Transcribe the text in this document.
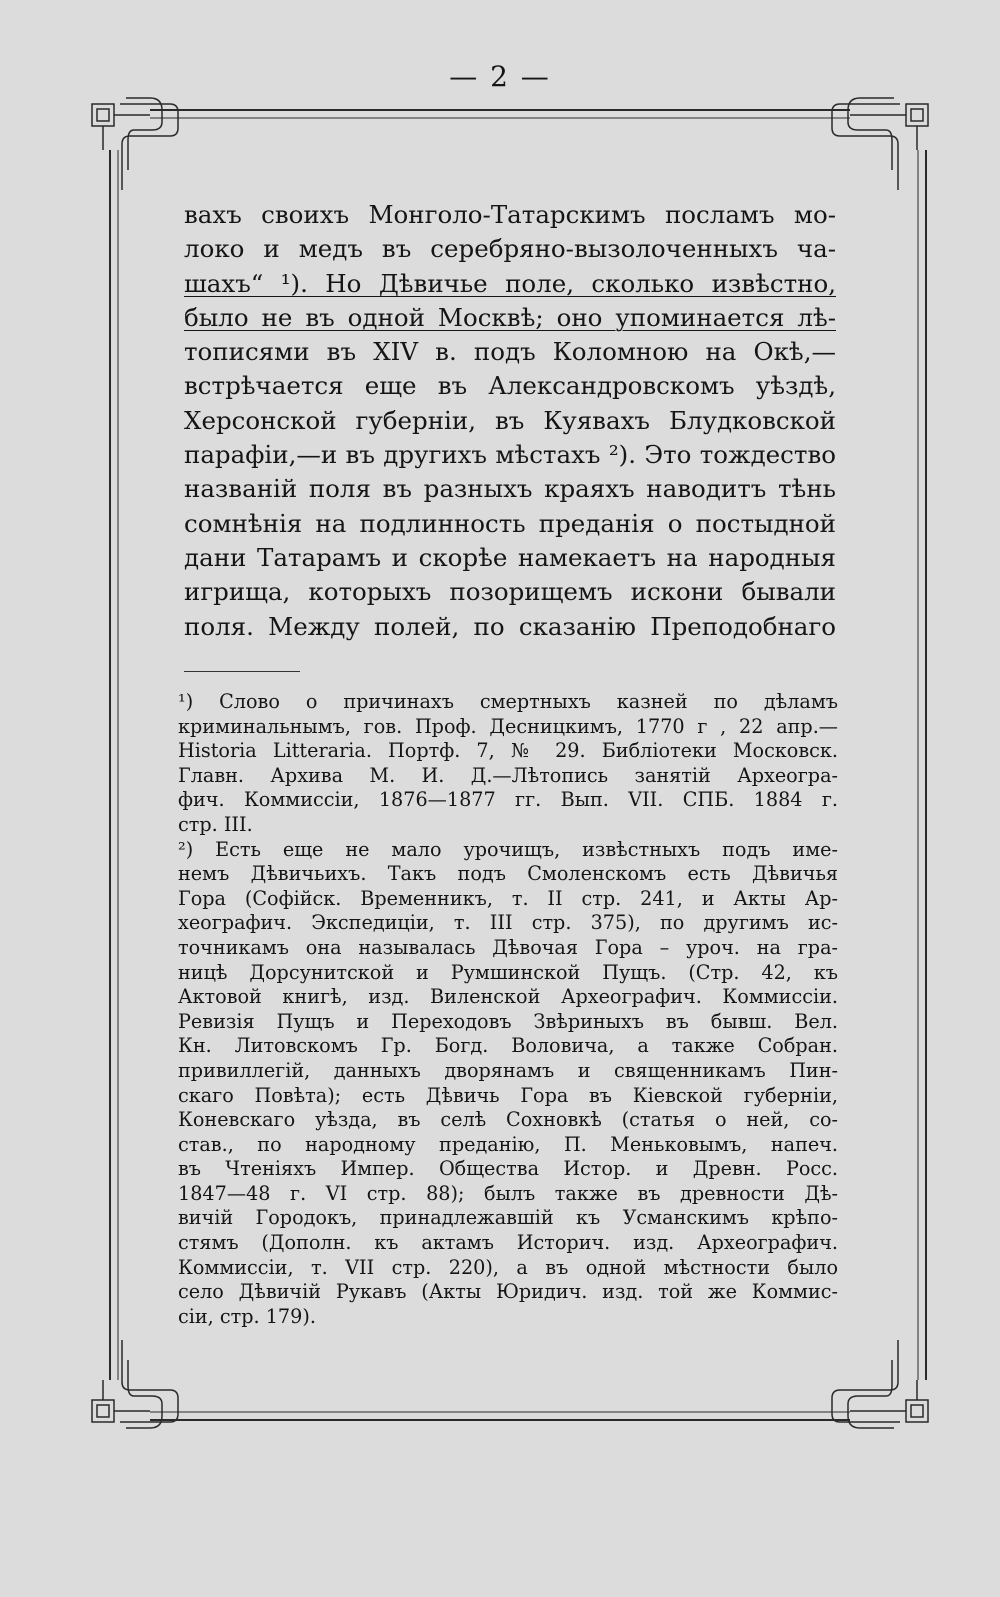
— 2 —
вахъ своихъ Монголо-Татарскимъ посламъ мо-
локо и медъ въ серебряно-вызолоченныхъ ча-
шахъ“ ¹). Но Дѣвичье поле, сколько извѣстно,
было не въ одной Москвѣ; оно упоминается лѣ-
тописями въ XIV в. подъ Коломною на Окѣ,—
встрѣчается еще въ Александровскомъ уѣздѣ,
Херсонской губерніи, въ Куявахъ Блудковской
парафіи,—и въ другихъ мѣстахъ ²). Это тождество
названій поля въ разныхъ краяхъ наводитъ тѣнь
сомнѣнія на подлинность преданія о постыдной
дани Татарамъ и скорѣе намекаетъ на народныя
игрища, которыхъ позорищемъ искони бывали
поля. Между полей, по сказанію Преподобнаго
¹) Слово о причинахъ смертныхъ казней по дѣламъ
криминальнымъ, гов. Проф. Десницкимъ, 1770 г , 22 апр.—
Historia Litteraria. Портф. 7, № 29. Библіотеки Московск.
Главн. Архива М. И. Д.—Лѣтопись занятій Археогра-
фич. Коммиссіи, 1876—1877 гг. Вып. VII. СПБ. 1884 г.
стр. III.
²) Есть еще не мало урочищъ, извѣстныхъ подъ име-
немъ Дѣвичьихъ. Такъ подъ Смоленскомъ есть Дѣвичья
Гора (Софійск. Временникъ, т. II стр. 241, и Акты Ар-
хеографич. Экспедиціи, т. III стр. 375), по другимъ ис-
точникамъ она называлась Дѣвочая Гора – уроч. на гра-
ницѣ Дорсунитской и Румшинской Пущъ. (Стр. 42, къ
Актовой книгѣ, изд. Виленской Археографич. Коммиссіи.
Ревизія Пущъ и Переходовъ Звѣриныхъ въ бывш. Вел.
Кн. Литовскомъ Гр. Богд. Воловича, а также Собран.
привиллегій, данныхъ дворянамъ и священникамъ Пин-
скаго Повѣта); есть Дѣвичь Гора въ Кіевской губерніи,
Коневскаго уѣзда, въ селѣ Сохновкѣ (статья о ней, со-
став., по народному преданію, П. Меньковымъ, напеч.
въ Чтеніяхъ Импер. Общества Истор. и Древн. Росс.
1847—48 г. VI стр. 88); былъ также въ древности Дѣ-
вичій Городокъ, принадлежавшій къ Усманскимъ крѣпо-
стямъ (Дополн. къ актамъ Историч. изд. Археографич.
Коммиссіи, т. VII стр. 220), а въ одной мѣстности было
село Дѣвичій Рукавъ (Акты Юридич. изд. той же Коммис-
сіи, стр. 179).
